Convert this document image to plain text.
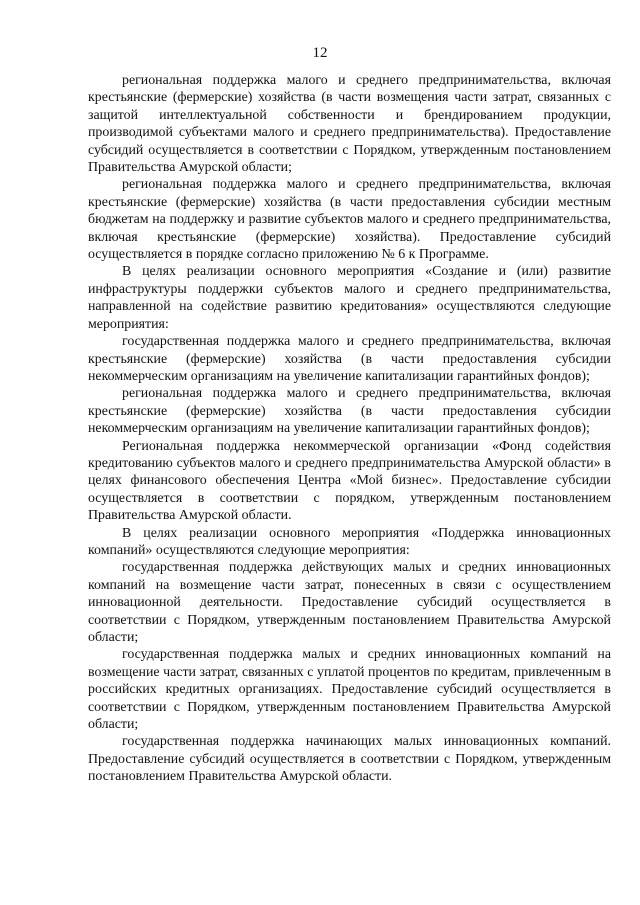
12

региональная поддержка малого и среднего предпринимательства, включая крестьянские (фермерские) хозяйства (в части возмещения части затрат, связанных с защитой интеллектуальной собственности и брендированием продукции, производимой субъектами малого и среднего предпринимательства). Предоставление субсидий осуществляется в соответствии с Порядком, утвержденным постановлением Правительства Амурской области;

региональная поддержка малого и среднего предпринимательства, включая крестьянские (фермерские) хозяйства (в части предоставления субсидии местным бюджетам на поддержку и развитие субъектов малого и среднего предпринимательства, включая крестьянские (фермерские) хозяйства). Предоставление субсидий осуществляется в порядке согласно приложению № 6 к Программе.

В целях реализации основного мероприятия «Создание и (или) развитие инфраструктуры поддержки субъектов малого и среднего предпринимательства, направленной на содействие развитию кредитования» осуществляются следующие мероприятия:

государственная поддержка малого и среднего предпринимательства, включая крестьянские (фермерские) хозяйства (в части предоставления субсидии некоммерческим организациям на увеличение капитализации гарантийных фондов);

региональная поддержка малого и среднего предпринимательства, включая крестьянские (фермерские) хозяйства (в части предоставления субсидии некоммерческим организациям на увеличение капитализации гарантийных фондов);

Региональная поддержка некоммерческой организации «Фонд содействия кредитованию субъектов малого и среднего предпринимательства Амурской области» в целях финансового обеспечения Центра «Мой бизнес». Предоставление субсидии осуществляется в соответствии с порядком, утвержденным постановлением Правительства Амурской области.

В целях реализации основного мероприятия «Поддержка инновационных компаний» осуществляются следующие мероприятия:

государственная поддержка действующих малых и средних инновационных компаний на возмещение части затрат, понесенных в связи с осуществлением инновационной деятельности. Предоставление субсидий осуществляется в соответствии с Порядком, утвержденным постановлением Правительства Амурской области;

государственная поддержка малых и средних инновационных компаний на возмещение части затрат, связанных с уплатой процентов по кредитам, привлеченным в российских кредитных организациях. Предоставление субсидий осуществляется в соответствии с Порядком, утвержденным постановлением Правительства Амурской области;

государственная поддержка начинающих малых инновационных компаний. Предоставление субсидий осуществляется в соответствии с Порядком, утвержденным постановлением Правительства Амурской области.
